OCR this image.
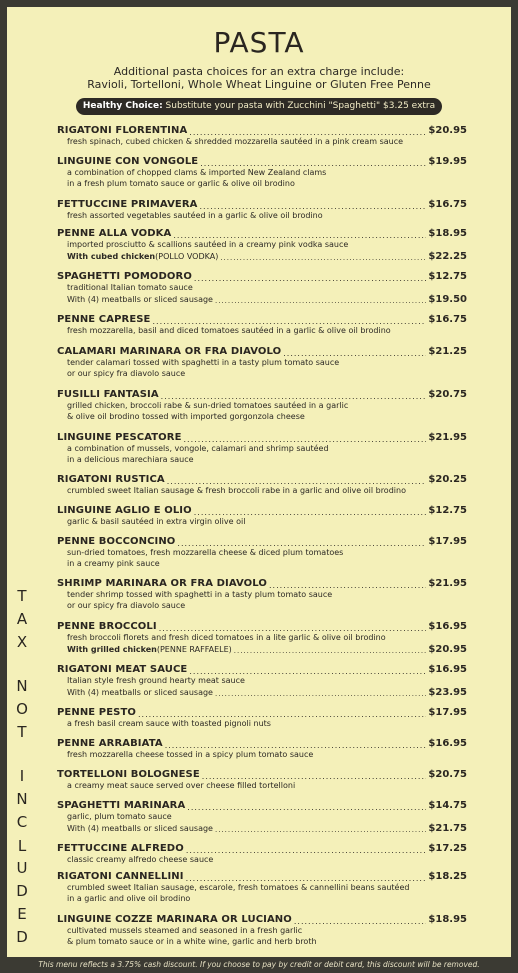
PASTA
Additional pasta choices for an extra charge include:
Ravioli, Tortelloni, Whole Wheat Linguine or Gluten Free Penne
Healthy Choice: Substitute your pasta with Zucchini "Spaghetti" $3.25 extra
RIGATONI FLORENTINA .....	$20.95
fresh spinach, cubed chicken & shredded mozzarella sautéed in a pink cream sauce
LINGUINE CON VONGOLE .....	$19.95
a combination of chopped clams & imported New Zealand clams
in a fresh plum tomato sauce or garlic & olive oil brodino
FETTUCCINE PRIMAVERA .....	$16.75
fresh assorted vegetables sautéed in a garlic & olive oil brodino
PENNE ALLA VODKA .....	$18.95
imported prosciutto & scallions sautéed in a creamy pink vodka sauce
With cubed chicken (POLLO VODKA) .....	$22.25
SPAGHETTI POMODORO .....	$12.75
traditional Italian tomato sauce
With (4) meatballs or sliced sausage .....	$19.50
PENNE CAPRESE .....	$16.75
fresh mozzarella, basil and diced tomatoes sautéed in a garlic & olive oil brodino
CALAMARI MARINARA OR FRA DIAVOLO .....	$21.25
tender calamari tossed with spaghetti in a tasty plum tomato sauce
or our spicy fra diavolo sauce
FUSILLI FANTASIA .....	$20.75
grilled chicken, broccoli rabe & sun-dried tomatoes sautéed in a garlic
& olive oil brodino tossed with imported gorgonzola cheese
LINGUINE PESCATORE .....	$21.95
a combination of mussels, vongole, calamari and shrimp sautéed
in a delicious marechiara sauce
RIGATONI RUSTICA .....	$20.25
crumbled sweet Italian sausage & fresh broccoli rabe in a garlic and olive oil brodino
LINGUINE AGLIO E OLIO .....	$12.75
garlic & basil sautéed in extra virgin olive oil
PENNE BOCCONCINO .....	$17.95
sun-dried tomatoes, fresh mozzarella cheese & diced plum tomatoes
in a creamy pink sauce
SHRIMP MARINARA OR FRA DIAVOLO .....	$21.95
tender shrimp tossed with spaghetti in a tasty plum tomato sauce
or our spicy fra diavolo sauce
PENNE BROCCOLI .....	$16.95
fresh broccoli florets and fresh diced tomatoes in a lite garlic & olive oil brodino
With grilled chicken (PENNE RAFFAELE) .....	$20.95
RIGATONI MEAT SAUCE .....	$16.95
Italian style fresh ground hearty meat sauce
With (4) meatballs or sliced sausage .....	$23.95
PENNE PESTO .....	$17.95
a fresh basil cream sauce with toasted pignoli nuts
PENNE ARRABIATA .....	$16.95
fresh mozzarella cheese tossed in a spicy plum tomato sauce
TORTELLONI BOLOGNESE .....	$20.75
a creamy meat sauce served over cheese filled tortelloni
SPAGHETTI MARINARA .....	$14.75
garlic, plum tomato sauce
With (4) meatballs or sliced sausage .....	$21.75
FETTUCCINE ALFREDO .....	$17.25
classic creamy alfredo cheese sauce
RIGATONI CANNELLINI .....	$18.25
crumbled sweet Italian sausage, escarole, fresh tomatoes & cannellini beans sautéed
in a garlic and olive oil brodino
LINGUINE COZZE MARINARA OR LUCIANO .....	$18.95
cultivated mussels steamed and seasoned in a fresh garlic
& plum tomato sauce or in a white wine, garlic and herb broth
T
A
X
N
O
T
I
N
C
L
U
D
E
D
This menu reflects a 3.75% cash discount. If you choose to pay by credit or debit card, this discount will be removed.
